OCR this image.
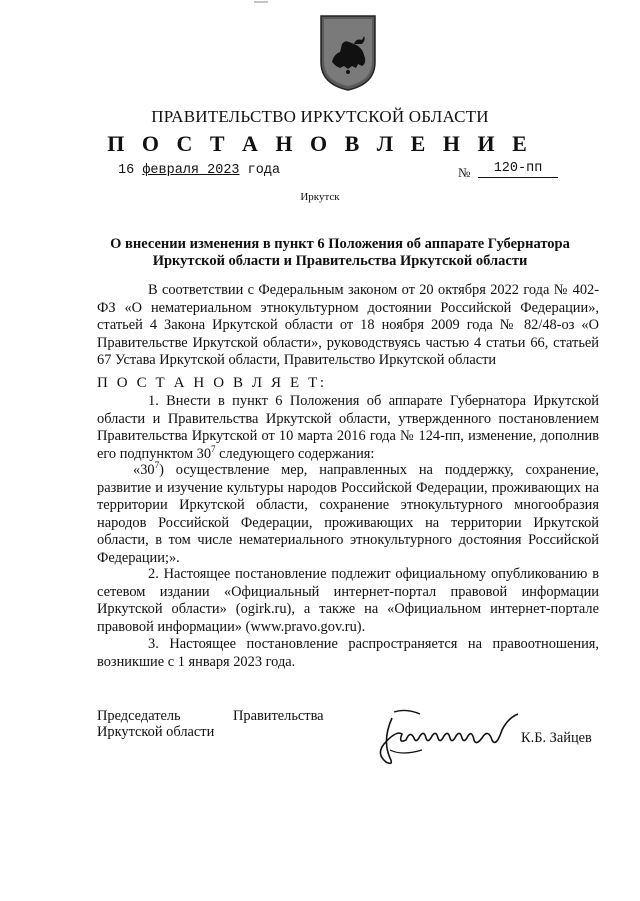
ПРАВИТЕЛЬСТВО ИРКУТСКОЙ ОБЛАСТИ
П О С Т А Н О В Л Е Н И Е
16 февраля 2023 года	№	120-пп
Иркутск
О внесении изменения в пункт 6 Положения об аппарате Губернатора
Иркутской области и Правительства Иркутской области
В соответствии с Федеральным законом от 20 октября 2022 года № 402-ФЗ «О нематериальном этнокультурном достоянии Российской Федерации», статьей 4 Закона Иркутской области от 18 ноября 2009 года № 82/48-оз «О Правительстве Иркутской области», руководствуясь частью 4 статьи 66, статьей 67 Устава Иркутской области, Правительство Иркутской области
П О С Т А Н О В Л Я Е Т:
1. Внести в пункт 6 Положения об аппарате Губернатора Иркутской области и Правительства Иркутской области, утвержденного постановлением Правительства Иркутской от 10 марта 2016 года № 124-пп, изменение, дополнив его подпунктом $30^7$ следующего содержания:
«$30^7$) осуществление мер, направленных на поддержку, сохранение, развитие и изучение культуры народов Российской Федерации, проживающих на территории Иркутской области, сохранение этнокультурного многообразия народов Российской Федерации, проживающих на территории Иркутской области, в том числе нематериального этнокультурного достояния Российской Федерации;».
2. Настоящее постановление подлежит официальному опубликованию в сетевом издании «Официальный интернет-портал правовой информации Иркутской области» (ogirk.ru), а также на «Официальном интернет-портале правовой информации» (www.pravo.gov.ru).
3. Настоящее постановление распространяется на правоотношения, возникшие с 1 января 2023 года.
Председатель
Иркутской области
Правительства
К.Б. Зайцев
